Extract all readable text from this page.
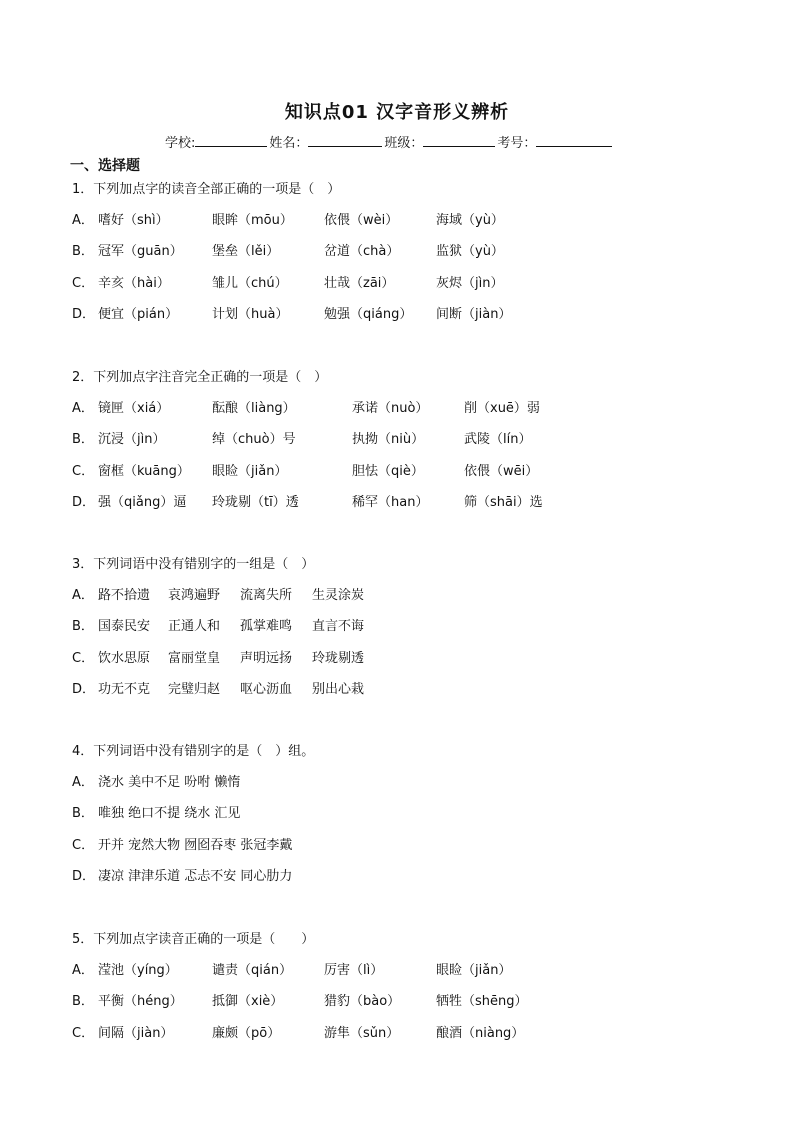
知识点01 汉字音形义辨析
学校:	姓名：	班级：	考号：
一、选择题
1．下列加点字的读音全部正确的一项是（　）
A． 嗜好（shì）	眼眸（mōu） 依偎（wèi）	海域（yù）
B． 冠军（guān） 堡垒（lěi）	岔道（chà）	监狱（yù）
C． 辛亥（hài）	雏儿（chú）	壮哉（zāi）	灰烬（jìn）
D． 便宜（pián）	计划（huà）	勉强（qiáng） 间断（jiàn）
2．下列加点字注音完全正确的一项是（　）
A． 镜匣（xiá）	酝酿（liàng）	承诺（nuò）	削（xuē）弱
B． 沉浸（jìn）	绰（chuò）号	执拗（niù）	武陵（lín）
C． 窗框（kuāng） 眼睑（jiǎn）	胆怯（qiè）	依偎（wēi）
D． 强（qiǎng）逼 玲珑剔（tī）透	稀罕（han）	筛（shāi）选
3．下列词语中没有错别字的一组是（　）
A． 路不拾遗 哀鸿遍野 流离失所 生灵涂炭
B． 国泰民安 正通人和 孤掌难鸣 直言不诲
C． 饮水思原 富丽堂皇 声明远扬 玲珑剔透
D． 功无不克 完璧归赵 呕心沥血 别出心栽
4．下列词语中没有错别字的是（　）组。
A． 浇水 美中不足 吩咐 懒惰
B． 唯独 绝口不提 绕水 汇见
C． 开并 宠然大物 囫囵吞枣 张冠李戴
D． 凄凉 津津乐道 忑忐不安 同心肋力
5．下列加点字读音正确的一项是（　　）
A． 滢池（yíng）	谴责（qián） 厉害（lì）	眼睑（jiǎn）
B． 平衡（héng） 抵御（xiè）	猎豹（bào）	牺牲（shēng）
C． 间隔（jiàn）	廉颇（pō）	游隼（sǔn）	酿酒（niàng）
